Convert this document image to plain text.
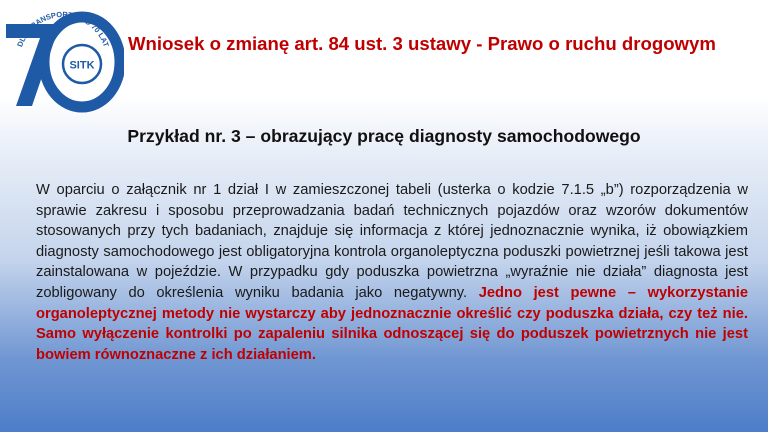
DLA TRANSPORTU OD 70 LAT
SITK
1946-2016
Wniosek o zmianę art. 84 ust. 3 ustawy - Prawo o ruchu drogowym
Przykład nr. 3 – obrazujący pracę diagnosty samochodowego
W oparciu o załącznik nr 1 dział I w zamieszczonej tabeli (usterka o kodzie 7.1.5 „b”) rozporządzenia w sprawie zakresu i sposobu przeprowadzania badań technicznych pojazdów oraz wzorów dokumentów stosowanych przy tych badaniach, znajduje się informacja z której jednoznacznie wynika, iż obowiązkiem diagnosty samochodowego jest obligatoryjna kontrola organoleptyczna poduszki powietrznej jeśli takowa jest zainstalowana w pojeździe. W przypadku gdy poduszka powietrzna „wyraźnie nie działa” diagnosta jest zobligowany do określenia wyniku badania jako negatywny. Jedno jest pewne – wykorzystanie organoleptycznej metody nie wystarczy aby jednoznacznie określić czy poduszka działa, czy też nie. Samo wyłączenie kontrolki po zapaleniu silnika odnoszącej się do poduszek powietrznych nie jest bowiem równoznaczne z ich działaniem.
